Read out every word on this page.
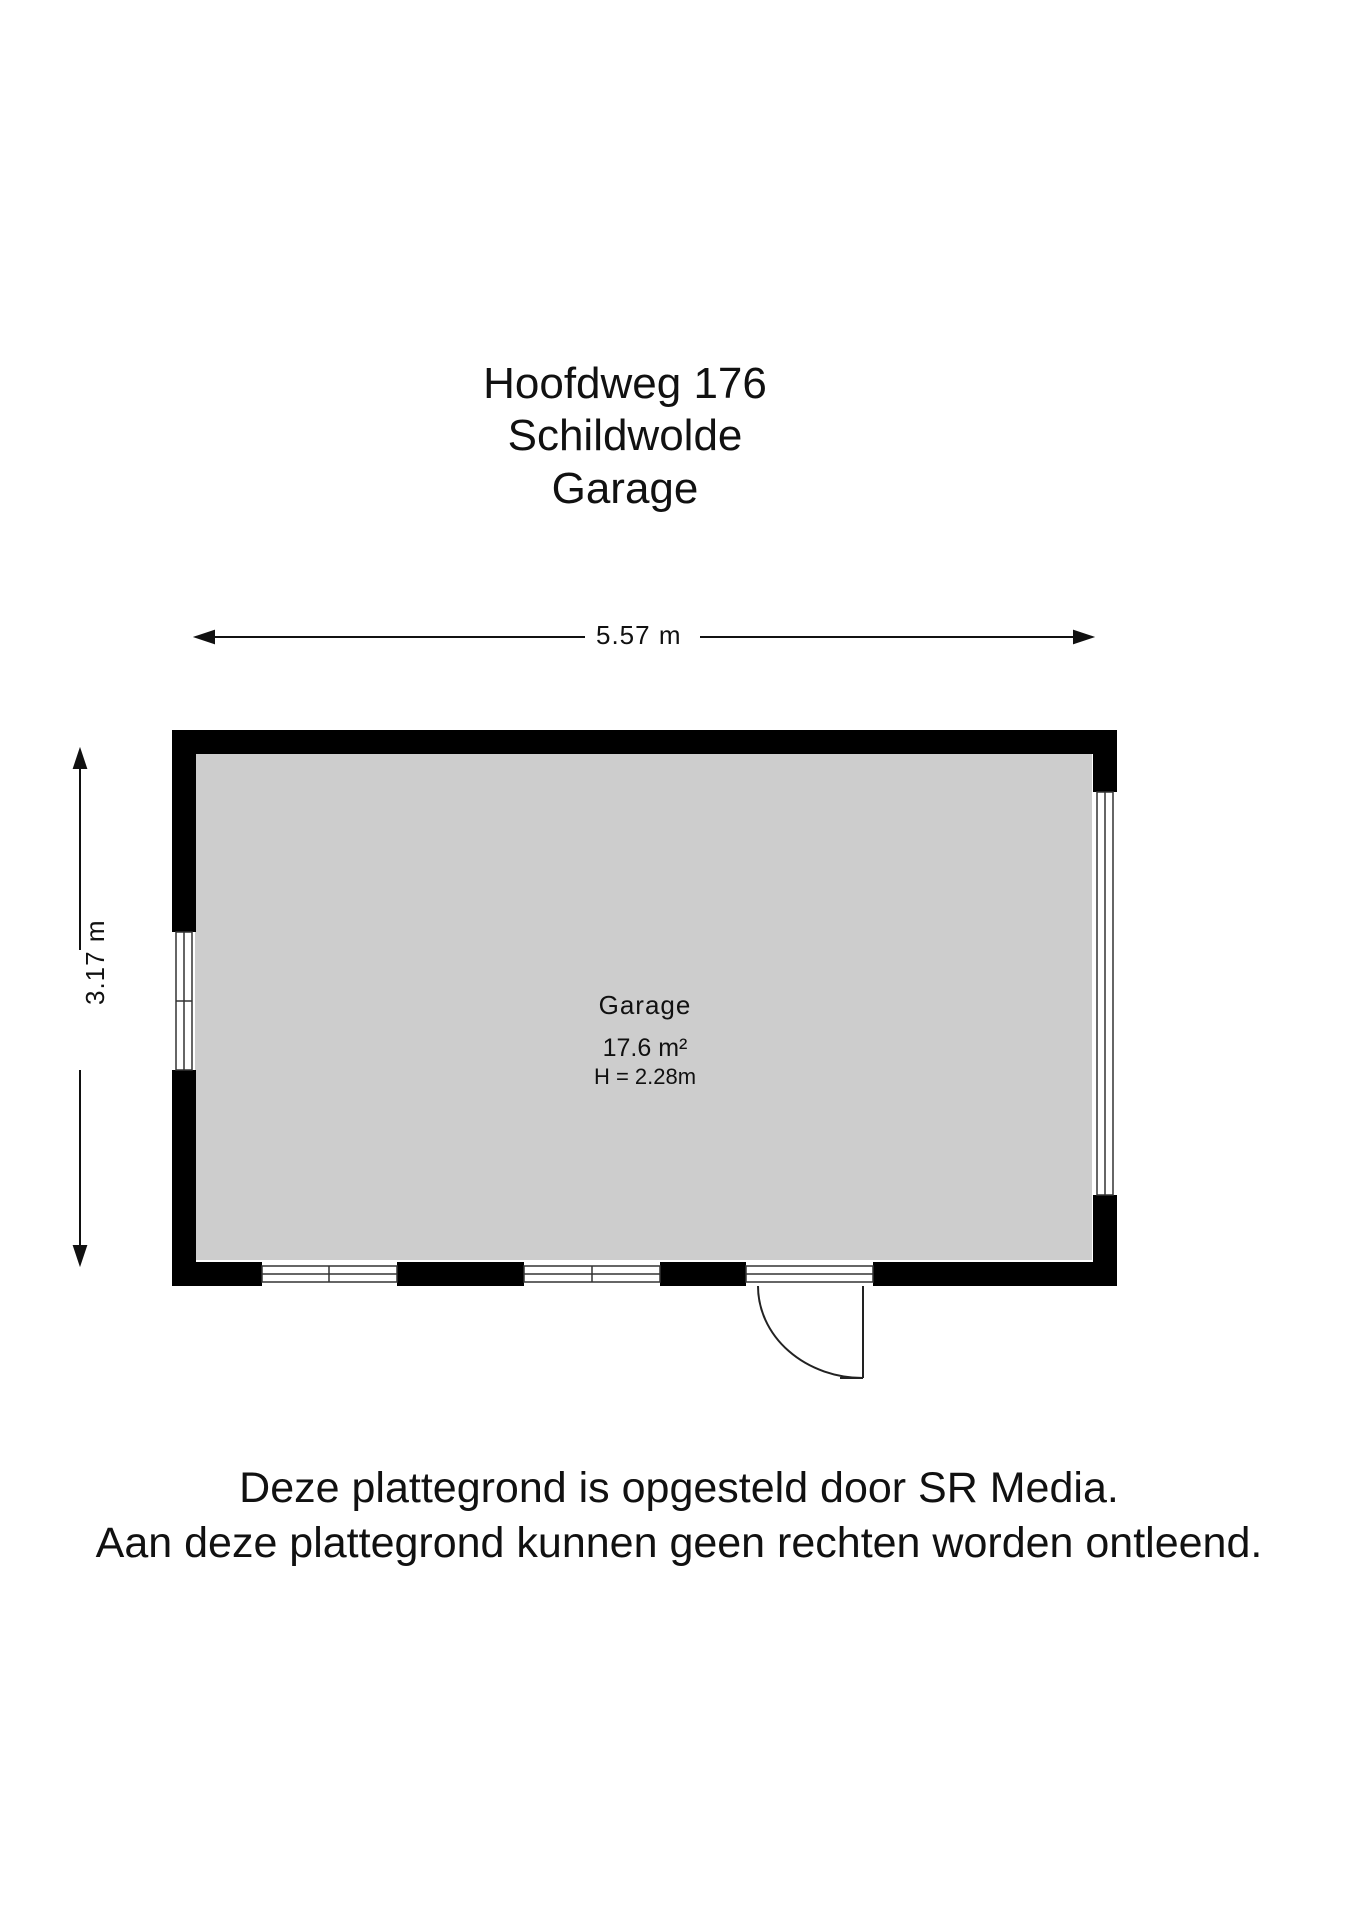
Hoofdweg 176
Schildwolde
Garage
5.57 m
3.17 m	Garage
17.6 m²
H = 2.28m
Deze plattegrond is opgesteld door SR Media.
Aan deze plattegrond kunnen geen rechten worden ontleend.
